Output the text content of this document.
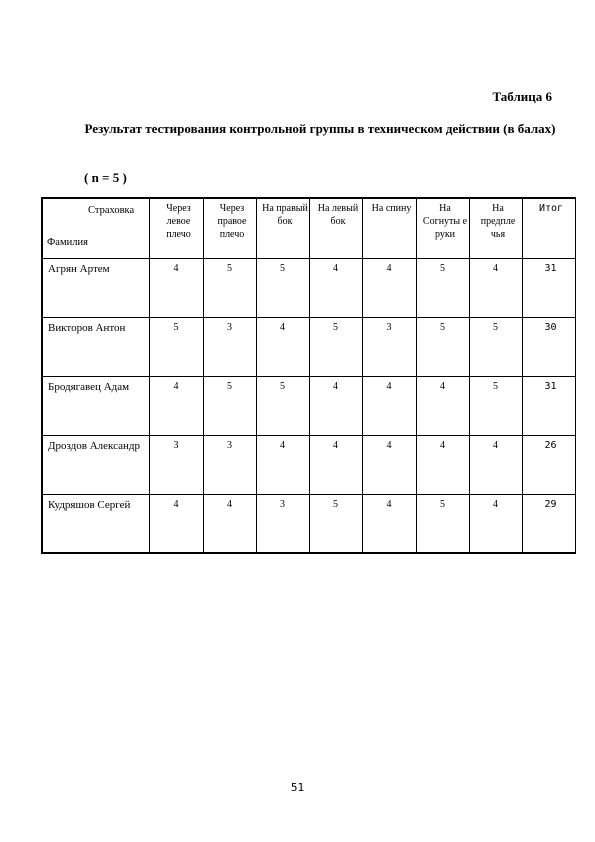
Таблица 6
Результат тестирования контрольной группы в техническом действии (в балах)
( n = 5 )
Страховка
Фамилия	Через левое плечо	Через правое плечо	На правый бок	На левый бок	На спину	На Согнуты е руки	На предпле чья	Итог
Агрян Артем	4	5	5	4	4	5	4	31
Викторов Антон	5	3	4	5	3	5	5	30
Бродягавец Адам	4	5	5	4	4	4	5	31
Дроздов Александр	3	3	4	4	4	4	4	26
Кудряшов Сергей	4	4	3	5	4	5	4	29
51
